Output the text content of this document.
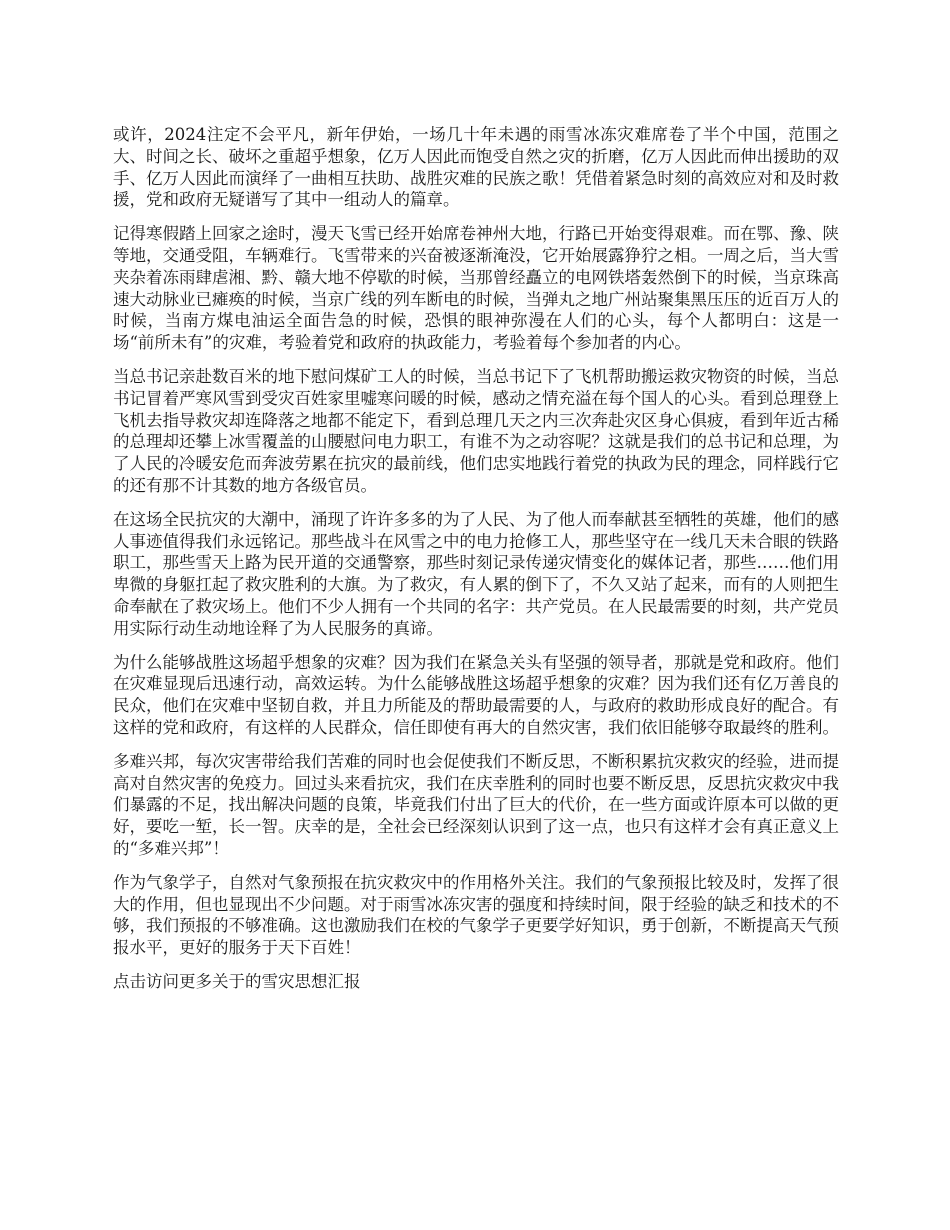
或许，2024注定不会平凡，新年伊始，一场几十年未遇的雨雪冰冻灾难席卷了半个中国，范围之大、时间之长、破坏之重超乎想象，亿万人因此而饱受自然之灾的折磨，亿万人因此而伸出援助的双手、亿万人因此而演绎了一曲相互扶助、战胜灾难的民族之歌！凭借着紧急时刻的高效应对和及时救援，党和政府无疑谱写了其中一组动人的篇章。

记得寒假踏上回家之途时，漫天飞雪已经开始席卷神州大地，行路已开始变得艰难。而在鄂、豫、陕等地，交通受阻，车辆难行。飞雪带来的兴奋被逐渐淹没，它开始展露狰狞之相。一周之后，当大雪夹杂着冻雨肆虐湘、黔、赣大地不停歇的时候，当那曾经矗立的电网铁塔轰然倒下的时候，当京珠高速大动脉业已瘫痪的时候，当京广线的列车断电的时候，当弹丸之地广州站聚集黑压压的近百万人的时候，当南方煤电油运全面告急的时候，恐惧的眼神弥漫在人们的心头，每个人都明白：这是一场“前所未有”的灾难，考验着党和政府的执政能力，考验着每个参加者的内心。

当总书记亲赴数百米的地下慰问煤矿工人的时候，当总书记下了飞机帮助搬运救灾物资的时候，当总书记冒着严寒风雪到受灾百姓家里嘘寒问暖的时候，感动之情充溢在每个国人的心头。看到总理登上飞机去指导救灾却连降落之地都不能定下，看到总理几天之内三次奔赴灾区身心俱疲，看到年近古稀的总理却还攀上冰雪覆盖的山腰慰问电力职工，有谁不为之动容呢？这就是我们的总书记和总理，为了人民的冷暖安危而奔波劳累在抗灾的最前线，他们忠实地践行着党的执政为民的理念，同样践行它的还有那不计其数的地方各级官员。

在这场全民抗灾的大潮中，涌现了许许多多的为了人民、为了他人而奉献甚至牺牲的英雄，他们的感人事迹值得我们永远铭记。那些战斗在风雪之中的电力抢修工人，那些坚守在一线几天未合眼的铁路职工，那些雪天上路为民开道的交通警察，那些时刻记录传递灾情变化的媒体记者，那些……他们用卑微的身躯扛起了救灾胜利的大旗。为了救灾，有人累的倒下了，不久又站了起来，而有的人则把生命奉献在了救灾场上。他们不少人拥有一个共同的名字：共产党员。在人民最需要的时刻，共产党员用实际行动生动地诠释了为人民服务的真谛。

为什么能够战胜这场超乎想象的灾难？因为我们在紧急关头有坚强的领导者，那就是党和政府。他们在灾难显现后迅速行动，高效运转。为什么能够战胜这场超乎想象的灾难？因为我们还有亿万善良的民众，他们在灾难中坚韧自救，并且力所能及的帮助最需要的人，与政府的救助形成良好的配合。有这样的党和政府，有这样的人民群众，信任即使有再大的自然灾害，我们依旧能够夺取最终的胜利。

多难兴邦，每次灾害带给我们苦难的同时也会促使我们不断反思，不断积累抗灾救灾的经验，进而提高对自然灾害的免疫力。回过头来看抗灾，我们在庆幸胜利的同时也要不断反思，反思抗灾救灾中我们暴露的不足，找出解决问题的良策，毕竟我们付出了巨大的代价，在一些方面或许原本可以做的更好，要吃一堑，长一智。庆幸的是，全社会已经深刻认识到了这一点，也只有这样才会有真正意义上的“多难兴邦”！

作为气象学子，自然对气象预报在抗灾救灾中的作用格外关注。我们的气象预报比较及时，发挥了很大的作用，但也显现出不少问题。对于雨雪冰冻灾害的强度和持续时间，限于经验的缺乏和技术的不够，我们预报的不够准确。这也激励我们在校的气象学子更要学好知识，勇于创新，不断提高天气预报水平，更好的服务于天下百姓！

点击访问更多关于的雪灾思想汇报
